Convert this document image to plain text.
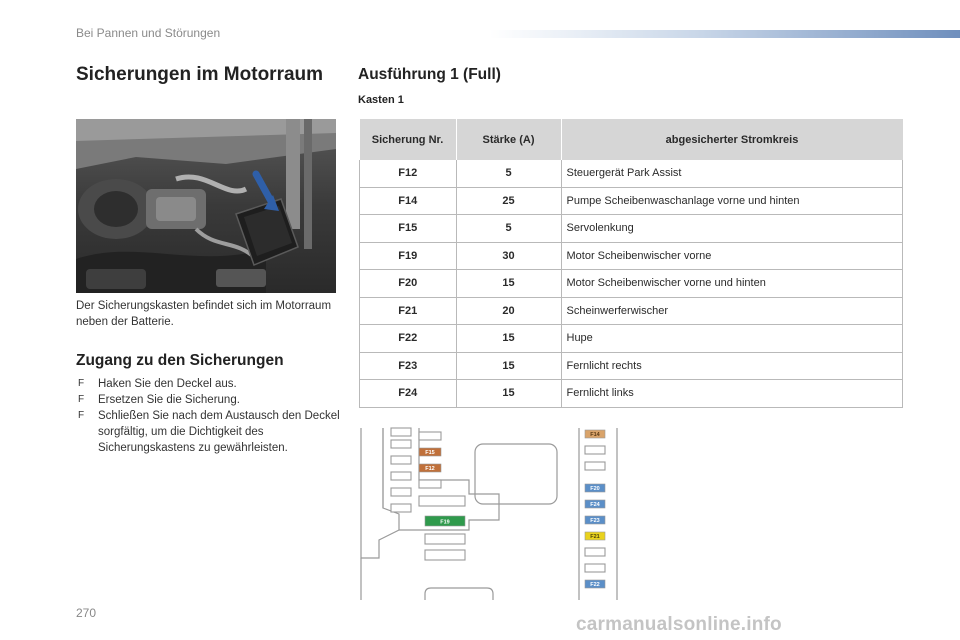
Bei Pannen und Störungen
Sicherungen im Motorraum
Der Sicherungskasten befindet sich im Motorraum neben der Batterie.
Zugang zu den Sicherungen
F Haken Sie den Deckel aus.
F Ersetzen Sie die Sicherung.
F Schließen Sie nach dem Austausch den Deckel sorgfältig, um die Dichtigkeit des Sicherungskastens zu gewährleisten.
Ausführung 1 (Full)
Kasten 1
Sicherung Nr.	Stärke (A)	abgesicherter Stromkreis
F12	5	Steuergerät Park Assist
F14	25	Pumpe Scheibenwaschanlage vorne und hinten
F15	5	Servolenkung
F19	30	Motor Scheibenwischer vorne
F20	15	Motor Scheibenwischer vorne und hinten
F21	20	Scheinwerferwischer
F22	15	Hupe
F23	15	Fernlicht rechts
F24	15	Fernlicht links
F14
F15
F12
F19
F20
F24
F23
F21
F22
270
carmanualsonline.info
